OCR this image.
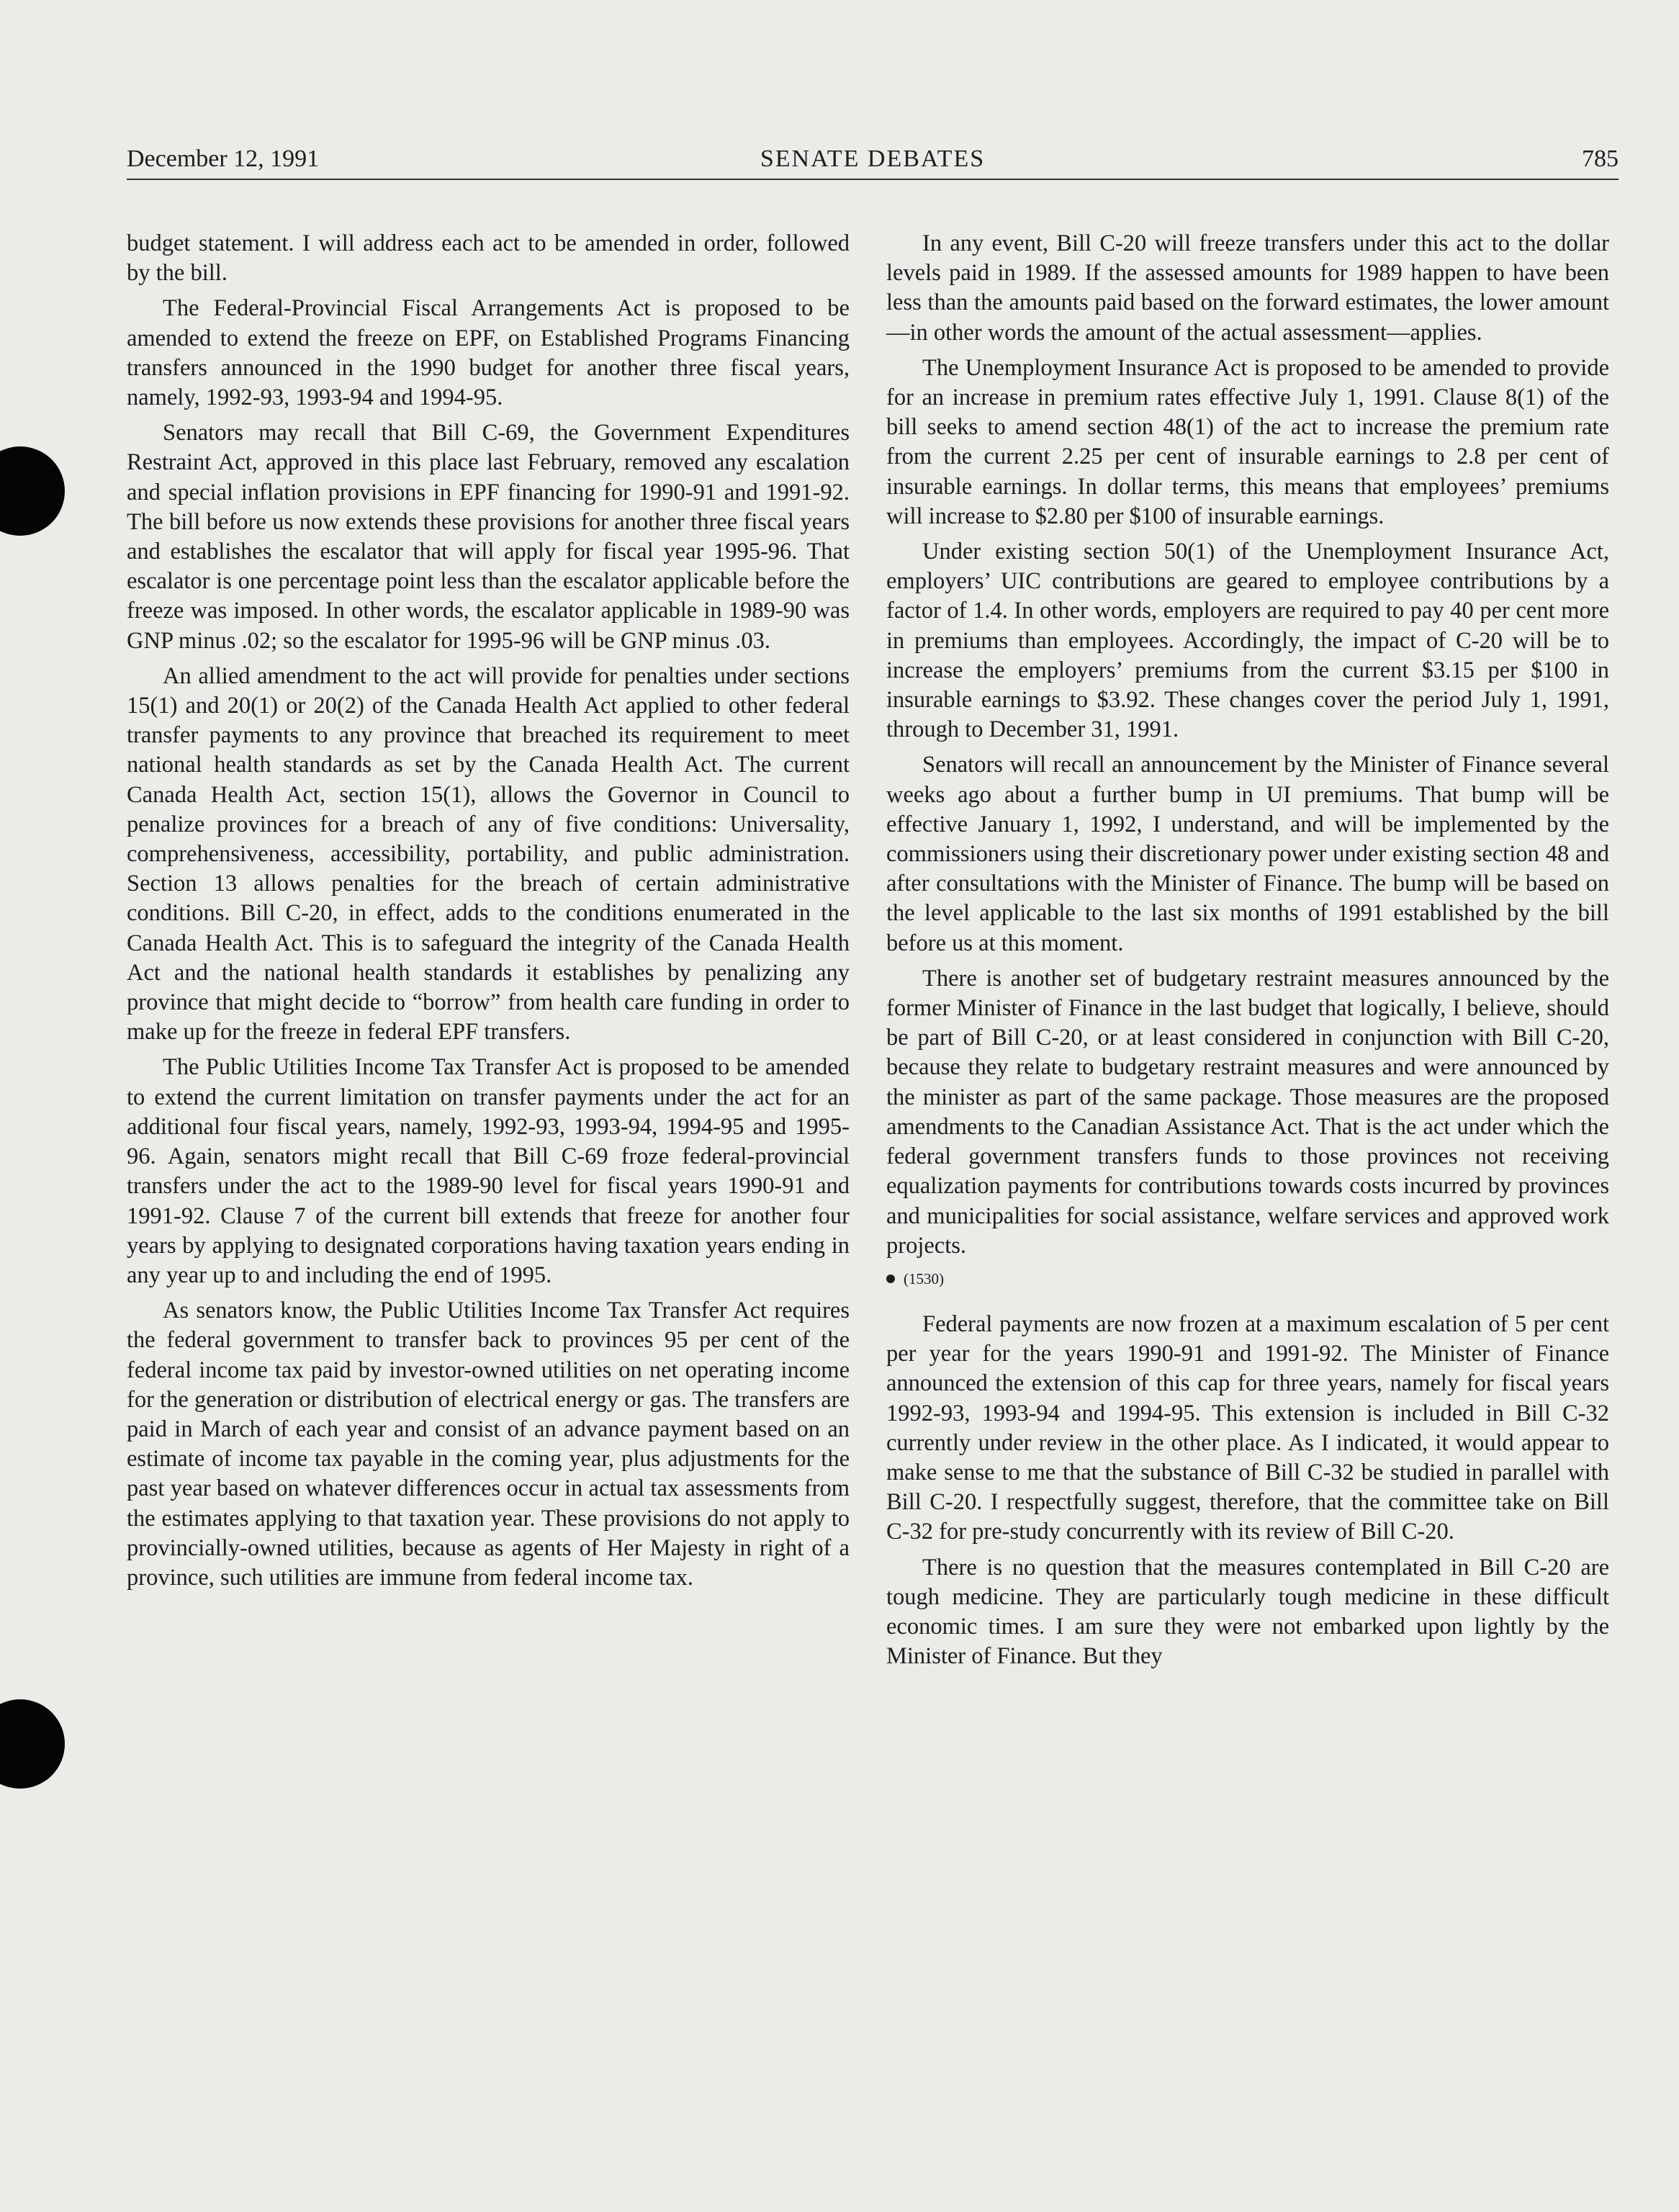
December 12, 1991	SENATE DEBATES	785

budget statement. I will address each act to be amended in order, followed by the bill.

The Federal-Provincial Fiscal Arrangements Act is proposed to be amended to extend the freeze on EPF, on Established Programs Financing transfers announced in the 1990 budget for another three fiscal years, namely, 1992-93, 1993-94 and 1994-95.

Senators may recall that Bill C-69, the Government Expenditures Restraint Act, approved in this place last February, removed any escalation and special inflation provisions in EPF financing for 1990-91 and 1991-92. The bill before us now extends these provisions for another three fiscal years and establishes the escalator that will apply for fiscal year 1995-96. That escalator is one percentage point less than the escalator applicable before the freeze was imposed. In other words, the escalator applicable in 1989-90 was GNP minus .02; so the escalator for 1995-96 will be GNP minus .03.

An allied amendment to the act will provide for penalties under sections 15(1) and 20(1) or 20(2) of the Canada Health Act applied to other federal transfer payments to any province that breached its requirement to meet national health standards as set by the Canada Health Act. The current Canada Health Act, section 15(1), allows the Governor in Council to penalize provinces for a breach of any of five conditions: Universality, comprehensiveness, accessibility, portability, and public administration. Section 13 allows penalties for the breach of certain administrative conditions. Bill C-20, in effect, adds to the conditions enumerated in the Canada Health Act. This is to safeguard the integrity of the Canada Health Act and the national health standards it establishes by penalizing any province that might decide to “borrow” from health care funding in order to make up for the freeze in federal EPF transfers.

The Public Utilities Income Tax Transfer Act is proposed to be amended to extend the current limitation on transfer payments under the act for an additional four fiscal years, namely, 1992-93, 1993-94, 1994-95 and 1995-96. Again, senators might recall that Bill C-69 froze federal-provincial transfers under the act to the 1989-90 level for fiscal years 1990-91 and 1991-92. Clause 7 of the current bill extends that freeze for another four years by applying to designated corporations having taxation years ending in any year up to and including the end of 1995.

As senators know, the Public Utilities Income Tax Transfer Act requires the federal government to transfer back to provinces 95 per cent of the federal income tax paid by investor-owned utilities on net operating income for the generation or distribution of electrical energy or gas. The transfers are paid in March of each year and consist of an advance payment based on an estimate of income tax payable in the coming year, plus adjustments for the past year based on whatever differences occur in actual tax assessments from the estimates applying to that taxation year. These provisions do not apply to provincially-owned utilities, because as agents of Her Majesty in right of a province, such utilities are immune from federal income tax.

In any event, Bill C-20 will freeze transfers under this act to the dollar levels paid in 1989. If the assessed amounts for 1989 happen to have been less than the amounts paid based on the forward estimates, the lower amount—in other words the amount of the actual assessment—applies.

The Unemployment Insurance Act is proposed to be amended to provide for an increase in premium rates effective July 1, 1991. Clause 8(1) of the bill seeks to amend section 48(1) of the act to increase the premium rate from the current 2.25 per cent of insurable earnings to 2.8 per cent of insurable earnings. In dollar terms, this means that employees’ premiums will increase to $2.80 per $100 of insurable earnings.

Under existing section 50(1) of the Unemployment Insurance Act, employers’ UIC contributions are geared to employee contributions by a factor of 1.4. In other words, employers are required to pay 40 per cent more in premiums than employees. Accordingly, the impact of C-20 will be to increase the employers’ premiums from the current $3.15 per $100 in insurable earnings to $3.92. These changes cover the period July 1, 1991, through to December 31, 1991.

Senators will recall an announcement by the Minister of Finance several weeks ago about a further bump in UI premiums. That bump will be effective January 1, 1992, I understand, and will be implemented by the commissioners using their discretionary power under existing section 48 and after consultations with the Minister of Finance. The bump will be based on the level applicable to the last six months of 1991 established by the bill before us at this moment.

There is another set of budgetary restraint measures announced by the former Minister of Finance in the last budget that logically, I believe, should be part of Bill C-20, or at least considered in conjunction with Bill C-20, because they relate to budgetary restraint measures and were announced by the minister as part of the same package. Those measures are the proposed amendments to the Canadian Assistance Act. That is the act under which the federal government transfers funds to those provinces not receiving equalization payments for contributions towards costs incurred by provinces and municipalities for social assistance, welfare services and approved work projects.

(1530)

Federal payments are now frozen at a maximum escalation of 5 per cent per year for the years 1990-91 and 1991-92. The Minister of Finance announced the extension of this cap for three years, namely for fiscal years 1992-93, 1993-94 and 1994-95. This extension is included in Bill C-32 currently under review in the other place. As I indicated, it would appear to make sense to me that the substance of Bill C-32 be studied in parallel with Bill C-20. I respectfully suggest, therefore, that the committee take on Bill C-32 for pre-study concurrently with its review of Bill C-20.

There is no question that the measures contemplated in Bill C-20 are tough medicine. They are particularly tough medicine in these difficult economic times. I am sure they were not embarked upon lightly by the Minister of Finance. But they
